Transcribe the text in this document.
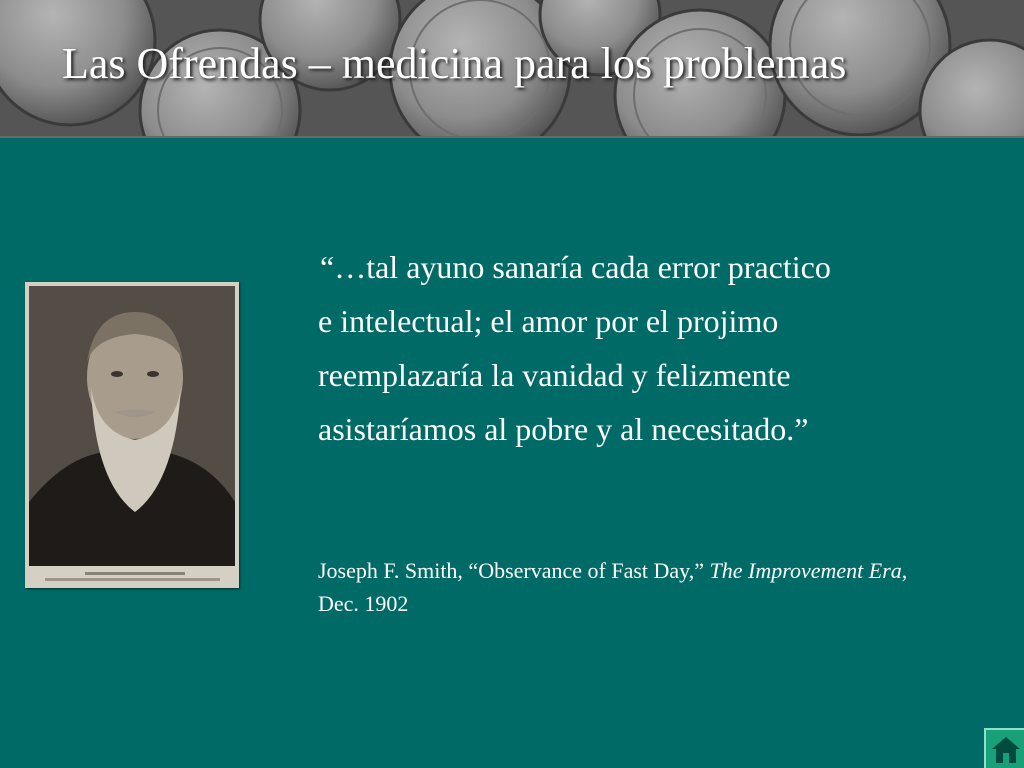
Las Ofrendas – medicina para los problemas
“…tal ayuno sanaría cada error practico
e intelectual; el amor por el projimo
reemplazaría la vanidad y felizmente
asistaríamos al pobre y al necesitado.”
Joseph F. Smith, “Observance of Fast Day,” The Improvement Era,
Dec. 1902
